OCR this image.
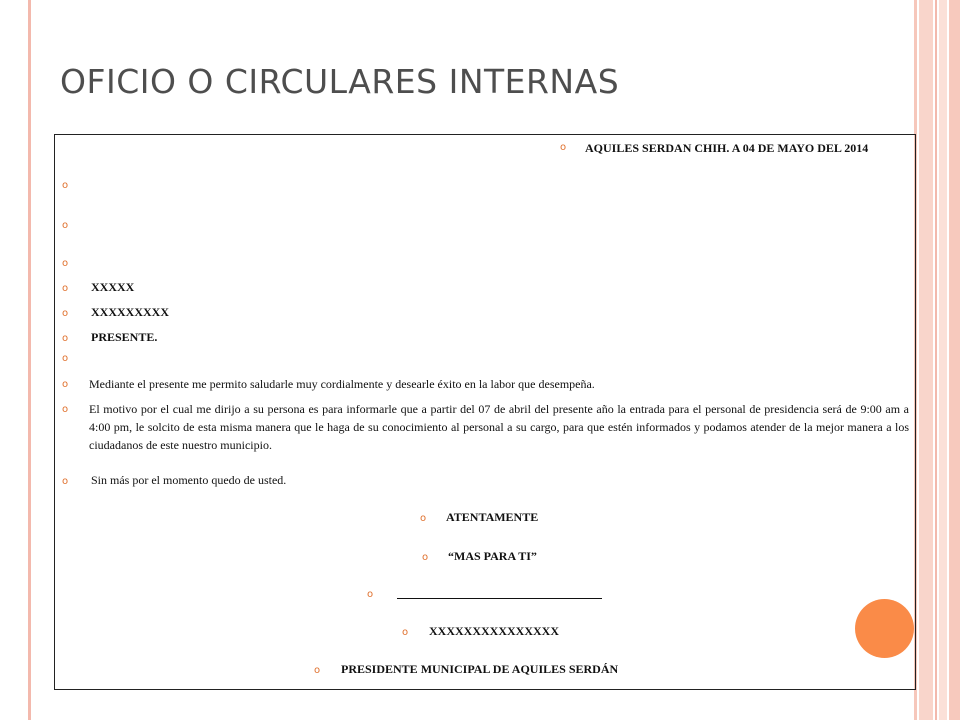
OFICIO O CIRCULARES INTERNAS
o AQUILES SERDAN CHIH. A 04 DE MAYO DEL 2014
o
o
o
o XXXXX
o XXXXXXXXX
o PRESENTE.
o
o Mediante el presente me permito saludarle muy cordialmente y desearle éxito en la labor que desempeña.
o El motivo por el cual me dirijo a su persona es para informarle que a partir del 07 de abril del presente año la entrada para el personal de presidencia será de 9:00 am a 4:00 pm, le solcito de esta misma manera que le haga de su conocimiento al personal a su cargo, para que estén informados y podamos atender de la mejor manera a los ciudadanos de este nuestro municipio.
o Sin más por el momento quedo de usted.
o ATENTAMENTE
o “MAS PARA TI”
o
o XXXXXXXXXXXXXXX
o PRESIDENTE MUNICIPAL DE AQUILES SERDÁN
